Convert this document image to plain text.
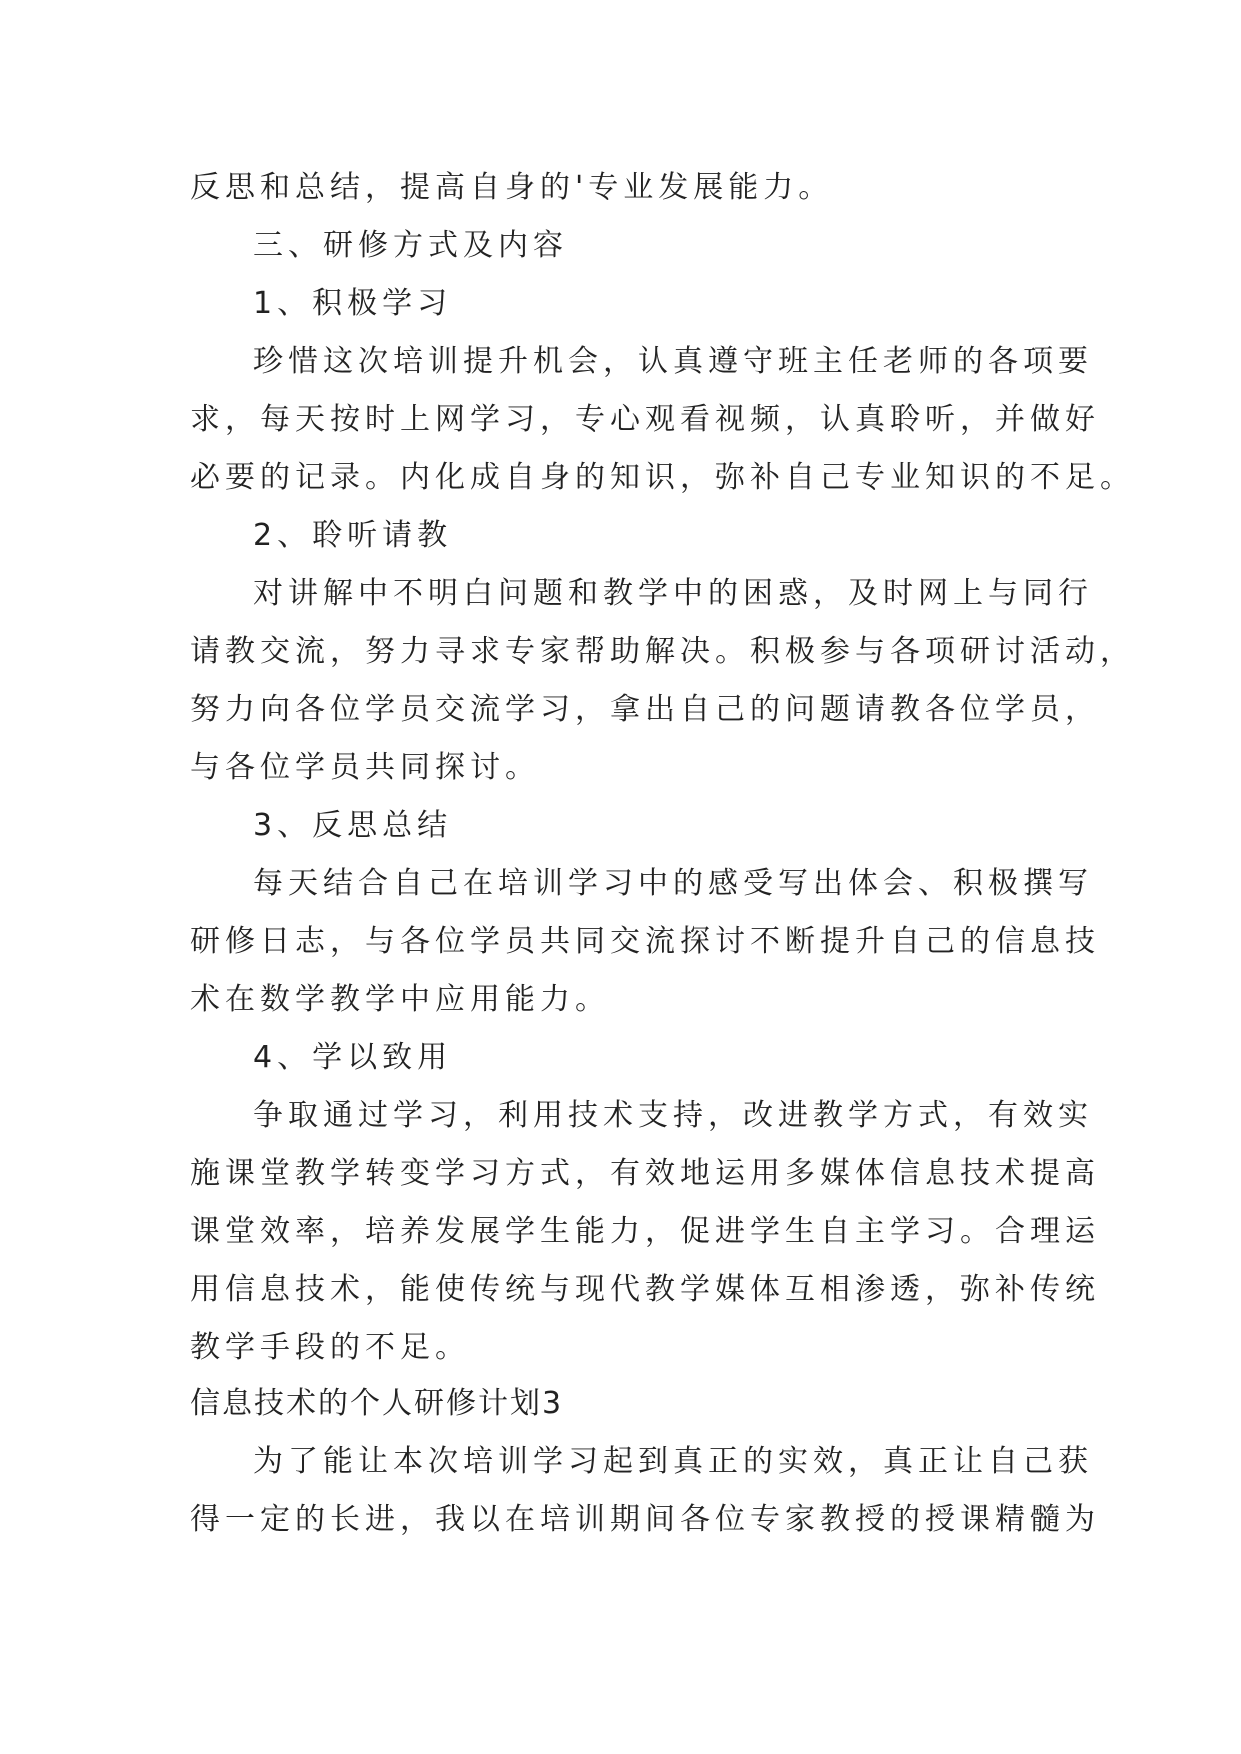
反思和总结，提高自身的'专业发展能力。
三、研修方式及内容
1、积极学习
珍惜这次培训提升机会，认真遵守班主任老师的各项要
求，每天按时上网学习，专心观看视频，认真聆听，并做好
必要的记录。内化成自身的知识，弥补自己专业知识的不足。
2、聆听请教
对讲解中不明白问题和教学中的困惑，及时网上与同行
请教交流，努力寻求专家帮助解决。积极参与各项研讨活动，
努力向各位学员交流学习，拿出自己的问题请教各位学员，
与各位学员共同探讨。
3、反思总结
每天结合自己在培训学习中的感受写出体会、积极撰写
研修日志，与各位学员共同交流探讨不断提升自己的信息技
术在数学教学中应用能力。
4、学以致用
争取通过学习，利用技术支持，改进教学方式，有效实
施课堂教学转变学习方式，有效地运用多媒体信息技术提高
课堂效率，培养发展学生能力，促进学生自主学习。合理运
用信息技术，能使传统与现代教学媒体互相渗透，弥补传统
教学手段的不足。
信息技术的个人研修计划3
为了能让本次培训学习起到真正的实效，真正让自己获
得一定的长进，我以在培训期间各位专家教授的授课精髓为
